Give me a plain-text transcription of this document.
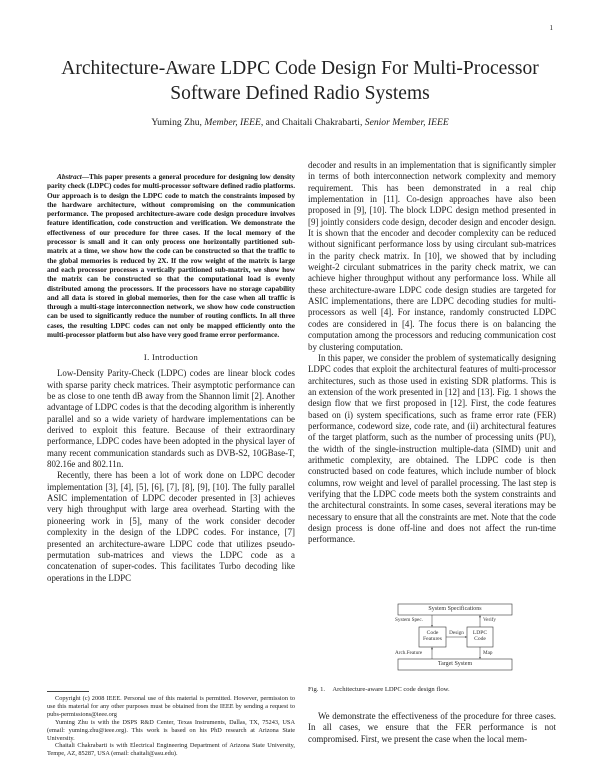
1
Architecture-Aware LDPC Code Design For Multi-Processor Software Defined Radio Systems
Yuming Zhu, Member, IEEE, and Chaitali Chakrabarti, Senior Member, IEEE

Abstract—This paper presents a general procedure for designing low density parity check (LDPC) codes for multi-processor software defined radio platforms. Our approach is to design the LDPC code to match the constraints imposed by the hardware architecture, without compromising on the communication performance. The proposed architecture-aware code design procedure involves feature identification, code construction and verification. We demonstrate the effectiveness of our procedure for three cases. If the local memory of the processor is small and it can only process one horizontally partitioned sub-matrix at a time, we show how the code can be constructed so that the traffic to the global memories is reduced by 2X. If the row weight of the matrix is large and each processor processes a vertically partitioned sub-matrix, we show how the matrix can be constructed so that the computational load is evenly distributed among the processors. If the processors have no storage capability and all data is stored in global memories, then for the case when all traffic is through a multi-stage interconnection network, we show how code construction can be used to significantly reduce the number of routing conflicts. In all three cases, the resulting LDPC codes can not only be mapped efficiently onto the multi-processor platform but also have very good frame error performance.

I. Introduction

Low-Density Parity-Check (LDPC) codes are linear block codes with sparse parity check matrices. Their asymptotic performance can be as close to one tenth dB away from the Shannon limit [2]. Another advantage of LDPC codes is that the decoding algorithm is inherently parallel and so a wide variety of hardware implementations can be derived to exploit this feature. Because of their extraordinary performance, LDPC codes have been adopted in the physical layer of many recent communication standards such as DVB-S2, 10GBase-T, 802.16e and 802.11n.

Recently, there has been a lot of work done on LDPC decoder implementation [3], [4], [5], [6], [7], [8], [9], [10]. The fully parallel ASIC implementation of LDPC decoder presented in [3] achieves very high throughput with large area overhead. Starting with the pioneering work in [5], many of the work consider decoder complexity in the design of the LDPC codes. For instance, [7] presented an architecture-aware LDPC code that utilizes pseudo-permutation sub-matrices and views the LDPC code as a concatenation of super-codes. This facilitates Turbo decoding like operations in the LDPC

Copyright (c) 2008 IEEE. Personal use of this material is permitted. However, permission to use this material for any other purposes must be obtained from the IEEE by sending a request to pubs-permissions@ieee.org

Yuming Zhu is with the DSPS R&D Center, Texas Instruments, Dallas, TX, 75243, USA (email: yuming.zhu@ieee.org). This work is based on his PhD research at Arizona State University.

Chaitali Chakrabarti is with Electrical Engineering Department of Arizona State University, Tempe, AZ, 85287, USA (email: chaitali@asu.edu).

decoder and results in an implementation that is significantly simpler in terms of both interconnection network complexity and memory requirement. This has been demonstrated in a real chip implementation in [11]. Co-design approaches have also been proposed in [9], [10]. The block LDPC design method presented in [9] jointly considers code design, decoder design and encoder design. It is shown that the encoder and decoder complexity can be reduced without significant performance loss by using circulant sub-matrices in the parity check matrix. In [10], we showed that by including weight-2 circulant submatrices in the parity check matrix, we can achieve higher throughput without any performance loss. While all these architecture-aware LDPC code design studies are targeted for ASIC implementations, there are LDPC decoding studies for multi-processors as well [4]. For instance, randomly constructed LDPC codes are considered in [4]. The focus there is on balancing the computation among the processors and reducing communication cost by clustering computation.

In this paper, we consider the problem of systematically designing LDPC codes that exploit the architectural features of multi-processor architectures, such as those used in existing SDR platforms. This is an extension of the work presented in [12] and [13]. Fig. 1 shows the design flow that we first proposed in [12]. First, the code features based on (i) system specifications, such as frame error rate (FER) performance, codeword size, code rate, and (ii) architectural features of the target platform, such as the number of processing units (PU), the width of the single-instruction multiple-data (SIMD) unit and arithmetic complexity, are obtained. The LDPC code is then constructed based on code features, which include number of block columns, row weight and level of parallel processing. The last step is verifying that the LDPC code meets both the system constraints and the architectural constraints. In some cases, several iterations may be necessary to ensure that all the constraints are met. Note that the code design process is done off-line and does not affect the run-time performance.

System Specifications
Code
Features
LDPC
Code
Design
Target System
System Spec.	Verify
Arch.Feature	Map
Fig. 1. Architecture-aware LDPC code design flow.

We demonstrate the effectiveness of the procedure for three cases. In all cases, we ensure that the FER performance is not compromised. First, we present the case when the local mem-
